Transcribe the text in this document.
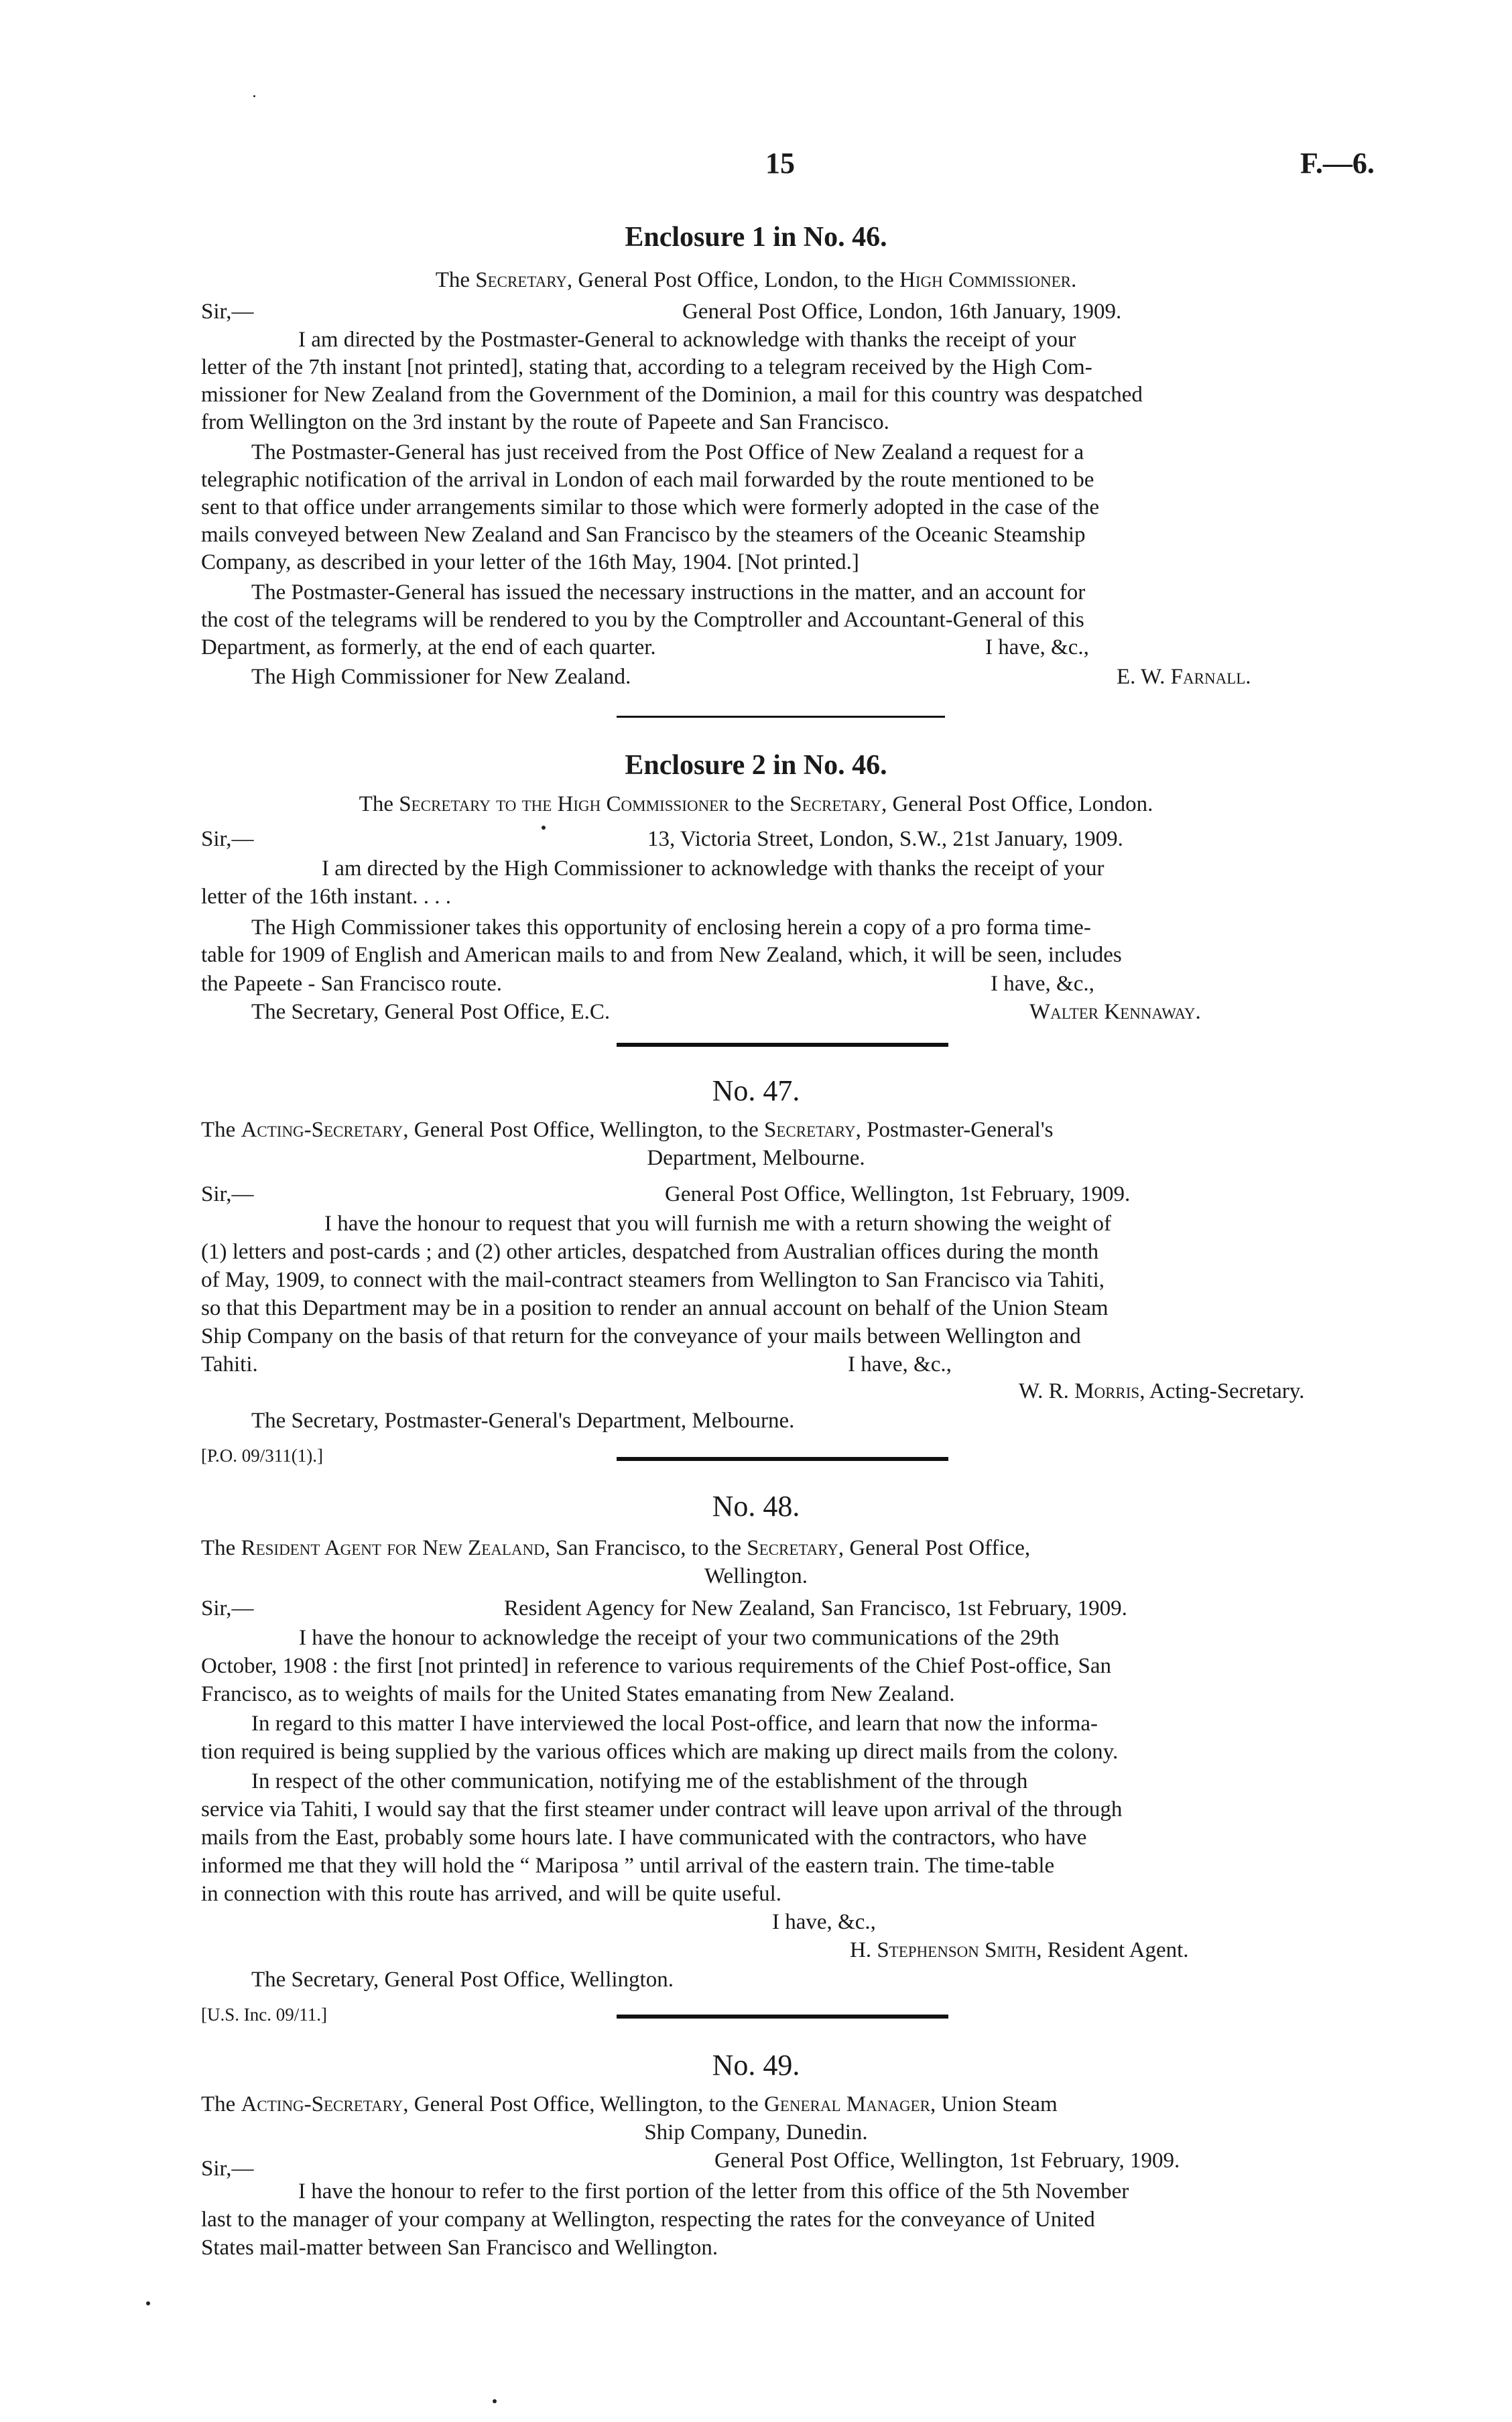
15	F.—6.
Enclosure 1 in No. 46.
The Secretary, General Post Office, London, to the High Commissioner.
Sir,—	General Post Office, London, 16th January, 1909.
I am directed by the Postmaster-General to acknowledge with thanks the receipt of your
letter of the 7th instant [not printed], stating that, according to a telegram received by the High Com-
missioner for New Zealand from the Government of the Dominion, a mail for this country was despatched
from Wellington on the 3rd instant by the route of Papeete and San Francisco.
The Postmaster-General has just received from the Post Office of New Zealand a request for a
telegraphic notification of the arrival in London of each mail forwarded by the route mentioned to be
sent to that office under arrangements similar to those which were formerly adopted in the case of the
mails conveyed between New Zealand and San Francisco by the steamers of the Oceanic Steamship
Company, as described in your letter of the 16th May, 1904. [Not printed.]
The Postmaster-General has issued the necessary instructions in the matter, and an account for
the cost of the telegrams will be rendered to you by the Comptroller and Accountant-General of this
Department, as formerly, at the end of each quarter.	I have, &c.,
The High Commissioner for New Zealand.	E. W. Farnall.
Enclosure 2 in No. 46.
The Secretary to the High Commissioner to the Secretary, General Post Office, London.
Sir,—	13, Victoria Street, London, S.W., 21st January, 1909.
I am directed by the High Commissioner to acknowledge with thanks the receipt of your
letter of the 16th instant. . . .
The High Commissioner takes this opportunity of enclosing herein a copy of a pro forma time-
table for 1909 of English and American mails to and from New Zealand, which, it will be seen, includes
the Papeete - San Francisco route.	I have, &c.,
The Secretary, General Post Office, E.C.	Walter Kennaway.
No. 47.
The Acting-Secretary, General Post Office, Wellington, to the Secretary, Postmaster-General's
Department, Melbourne.
Sir,—	General Post Office, Wellington, 1st February, 1909.
I have the honour to request that you will furnish me with a return showing the weight of
(1) letters and post-cards ; and (2) other articles, despatched from Australian offices during the month
of May, 1909, to connect with the mail-contract steamers from Wellington to San Francisco via Tahiti,
so that this Department may be in a position to render an annual account on behalf of the Union Steam
Ship Company on the basis of that return for the conveyance of your mails between Wellington and
Tahiti.	I have, &c.,
W. R. Morris, Acting-Secretary.
The Secretary, Postmaster-General's Department, Melbourne.
[P.O. 09/311(1).]
No. 48.
The Resident Agent for New Zealand, San Francisco, to the Secretary, General Post Office,
Wellington.
Sir,—	Resident Agency for New Zealand, San Francisco, 1st February, 1909.
I have the honour to acknowledge the receipt of your two communications of the 29th
October, 1908 : the first [not printed] in reference to various requirements of the Chief Post-office, San
Francisco, as to weights of mails for the United States emanating from New Zealand.
In regard to this matter I have interviewed the local Post-office, and learn that now the informa-
tion required is being supplied by the various offices which are making up direct mails from the colony.
In respect of the other communication, notifying me of the establishment of the through
service via Tahiti, I would say that the first steamer under contract will leave upon arrival of the through
mails from the East, probably some hours late. I have communicated with the contractors, who have
informed me that they will hold the “ Mariposa ” until arrival of the eastern train. The time-table
in connection with this route has arrived, and will be quite useful.
I have, &c.,
H. Stephenson Smith, Resident Agent.
The Secretary, General Post Office, Wellington.
[U.S. Inc. 09/11.]
No. 49.
The Acting-Secretary, General Post Office, Wellington, to the General Manager, Union Steam
Ship Company, Dunedin.
Sir,—	General Post Office, Wellington, 1st February, 1909.
I have the honour to refer to the first portion of the letter from this office of the 5th November
last to the manager of your company at Wellington, respecting the rates for the conveyance of United
States mail-matter between San Francisco and Wellington.
